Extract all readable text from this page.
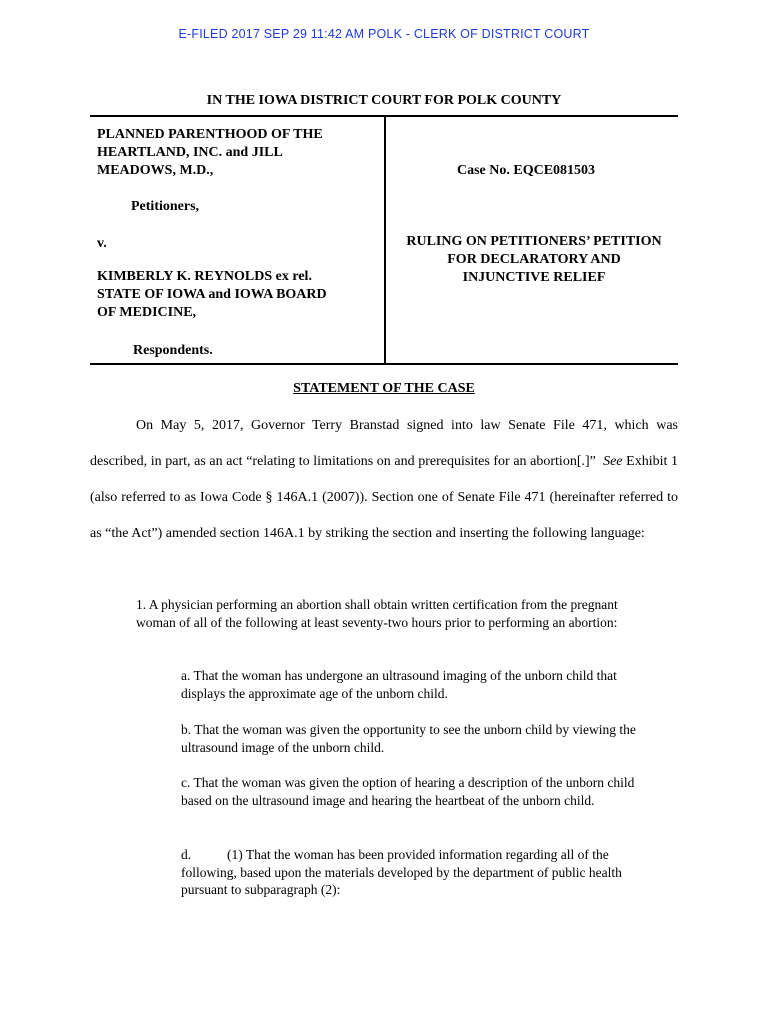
E-FILED 2017 SEP 29 11:42 AM POLK - CLERK OF DISTRICT COURT
IN THE IOWA DISTRICT COURT FOR POLK COUNTY
PLANNED PARENTHOOD OF THE
HEARTLAND, INC. and JILL
MEADOWS, M.D.,
Petitioners,
v.
KIMBERLY K. REYNOLDS ex rel.
STATE OF IOWA and IOWA BOARD
OF MEDICINE,
Respondents.
Case No. EQCE081503
RULING ON PETITIONERS’ PETITION
FOR DECLARATORY AND
INJUNCTIVE RELIEF
STATEMENT OF THE CASE
On May 5, 2017, Governor Terry Branstad signed into law Senate File 471, which was described, in part, as an act “relating to limitations on and prerequisites for an abortion[.]” See Exhibit 1 (also referred to as Iowa Code § 146A.1 (2007)). Section one of Senate File 471 (hereinafter referred to as “the Act”) amended section 146A.1 by striking the section and inserting the following language:
1. A physician performing an abortion shall obtain written certification from the pregnant woman of all of the following at least seventy-two hours prior to performing an abortion:
a. That the woman has undergone an ultrasound imaging of the unborn child that displays the approximate age of the unborn child.
b. That the woman was given the opportunity to see the unborn child by viewing the ultrasound image of the unborn child.
c. That the woman was given the option of hearing a description of the unborn child based on the ultrasound image and hearing the heartbeat of the unborn child.
d.	(1) That the woman has been provided information regarding all of the following, based upon the materials developed by the department of public health pursuant to subparagraph (2):
